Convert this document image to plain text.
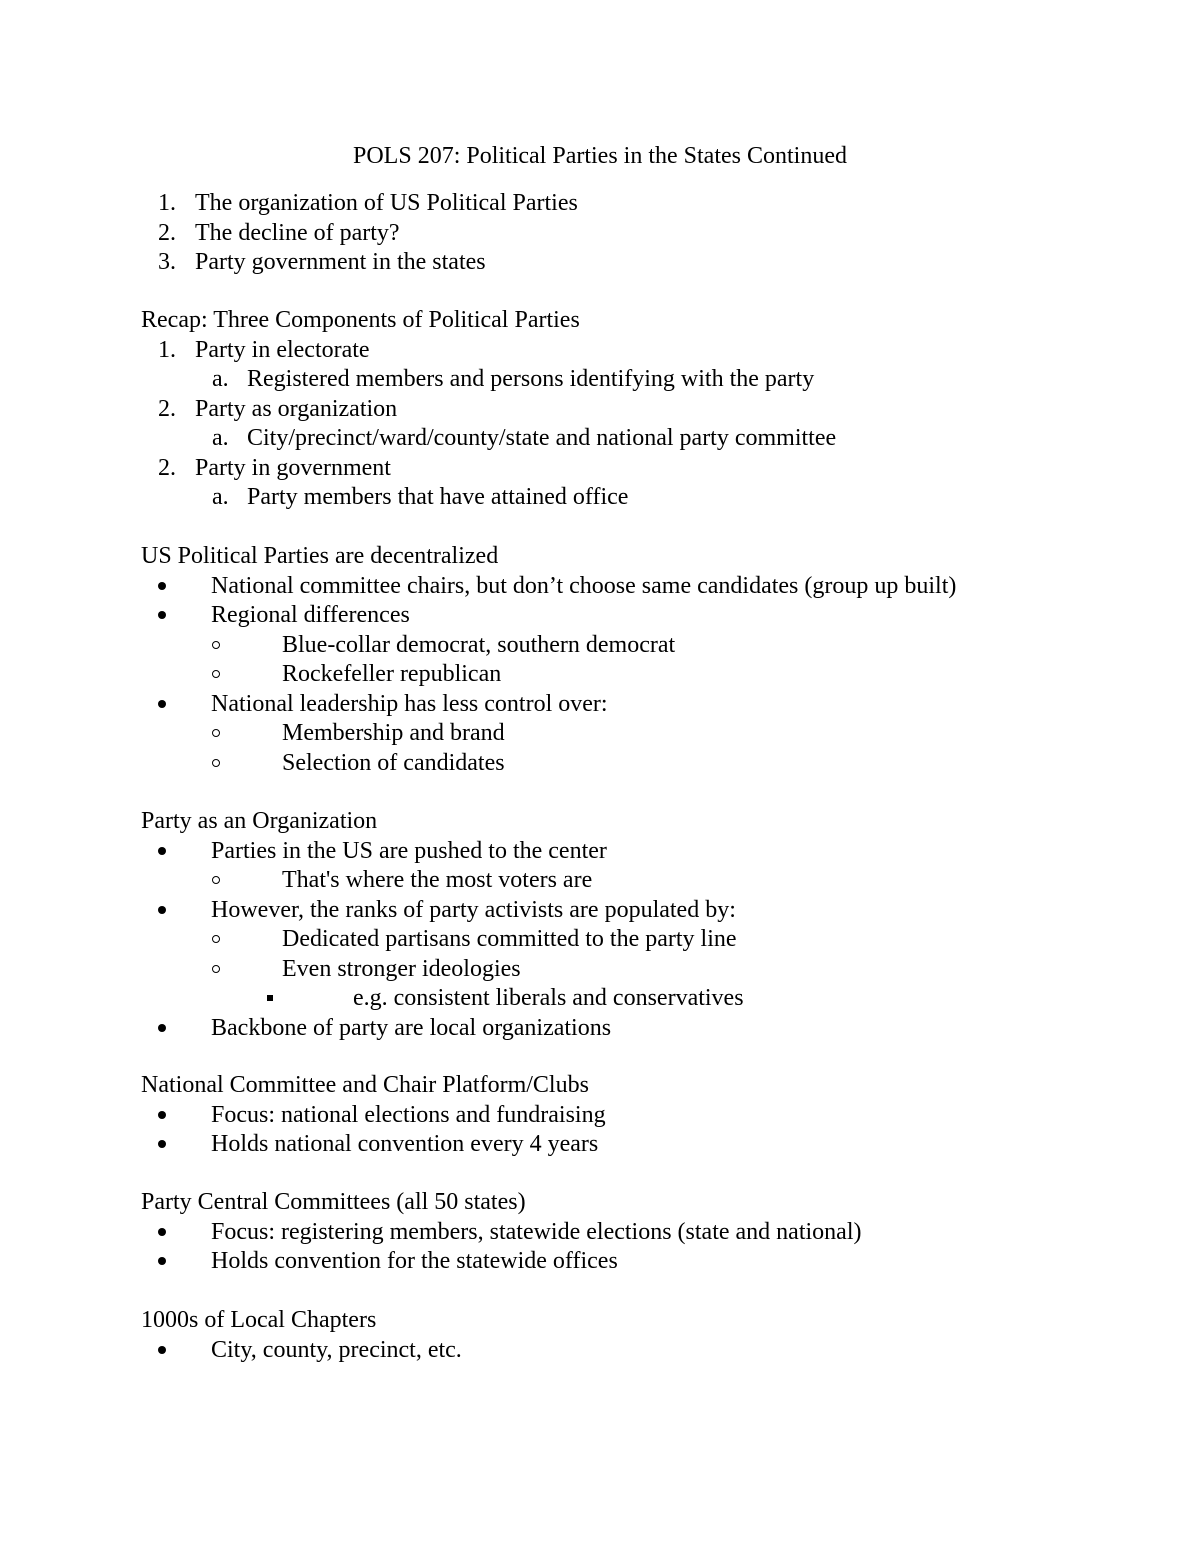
POLS 207: Political Parties in the States Continued
1. The organization of US Political Parties
2. The decline of party?
3. Party government in the states
Recap: Three Components of Political Parties
1. Party in electorate
a. Registered members and persons identifying with the party
2. Party as organization
a. City/precinct/ward/county/state and national party committee
2. Party in government
a. Party members that have attained office
US Political Parties are decentralized
National committee chairs, but don’t choose same candidates (group up built)
Regional differences
Blue-collar democrat, southern democrat
Rockefeller republican
National leadership has less control over:
Membership and brand
Selection of candidates
Party as an Organization
Parties in the US are pushed to the center
That's where the most voters are
However, the ranks of party activists are populated by:
Dedicated partisans committed to the party line
Even stronger ideologies
e.g. consistent liberals and conservatives
Backbone of party are local organizations
National Committee and Chair Platform/Clubs
Focus: national elections and fundraising
Holds national convention every 4 years
Party Central Committees (all 50 states)
Focus: registering members, statewide elections (state and national)
Holds convention for the statewide offices
1000s of Local Chapters
City, county, precinct, etc.
